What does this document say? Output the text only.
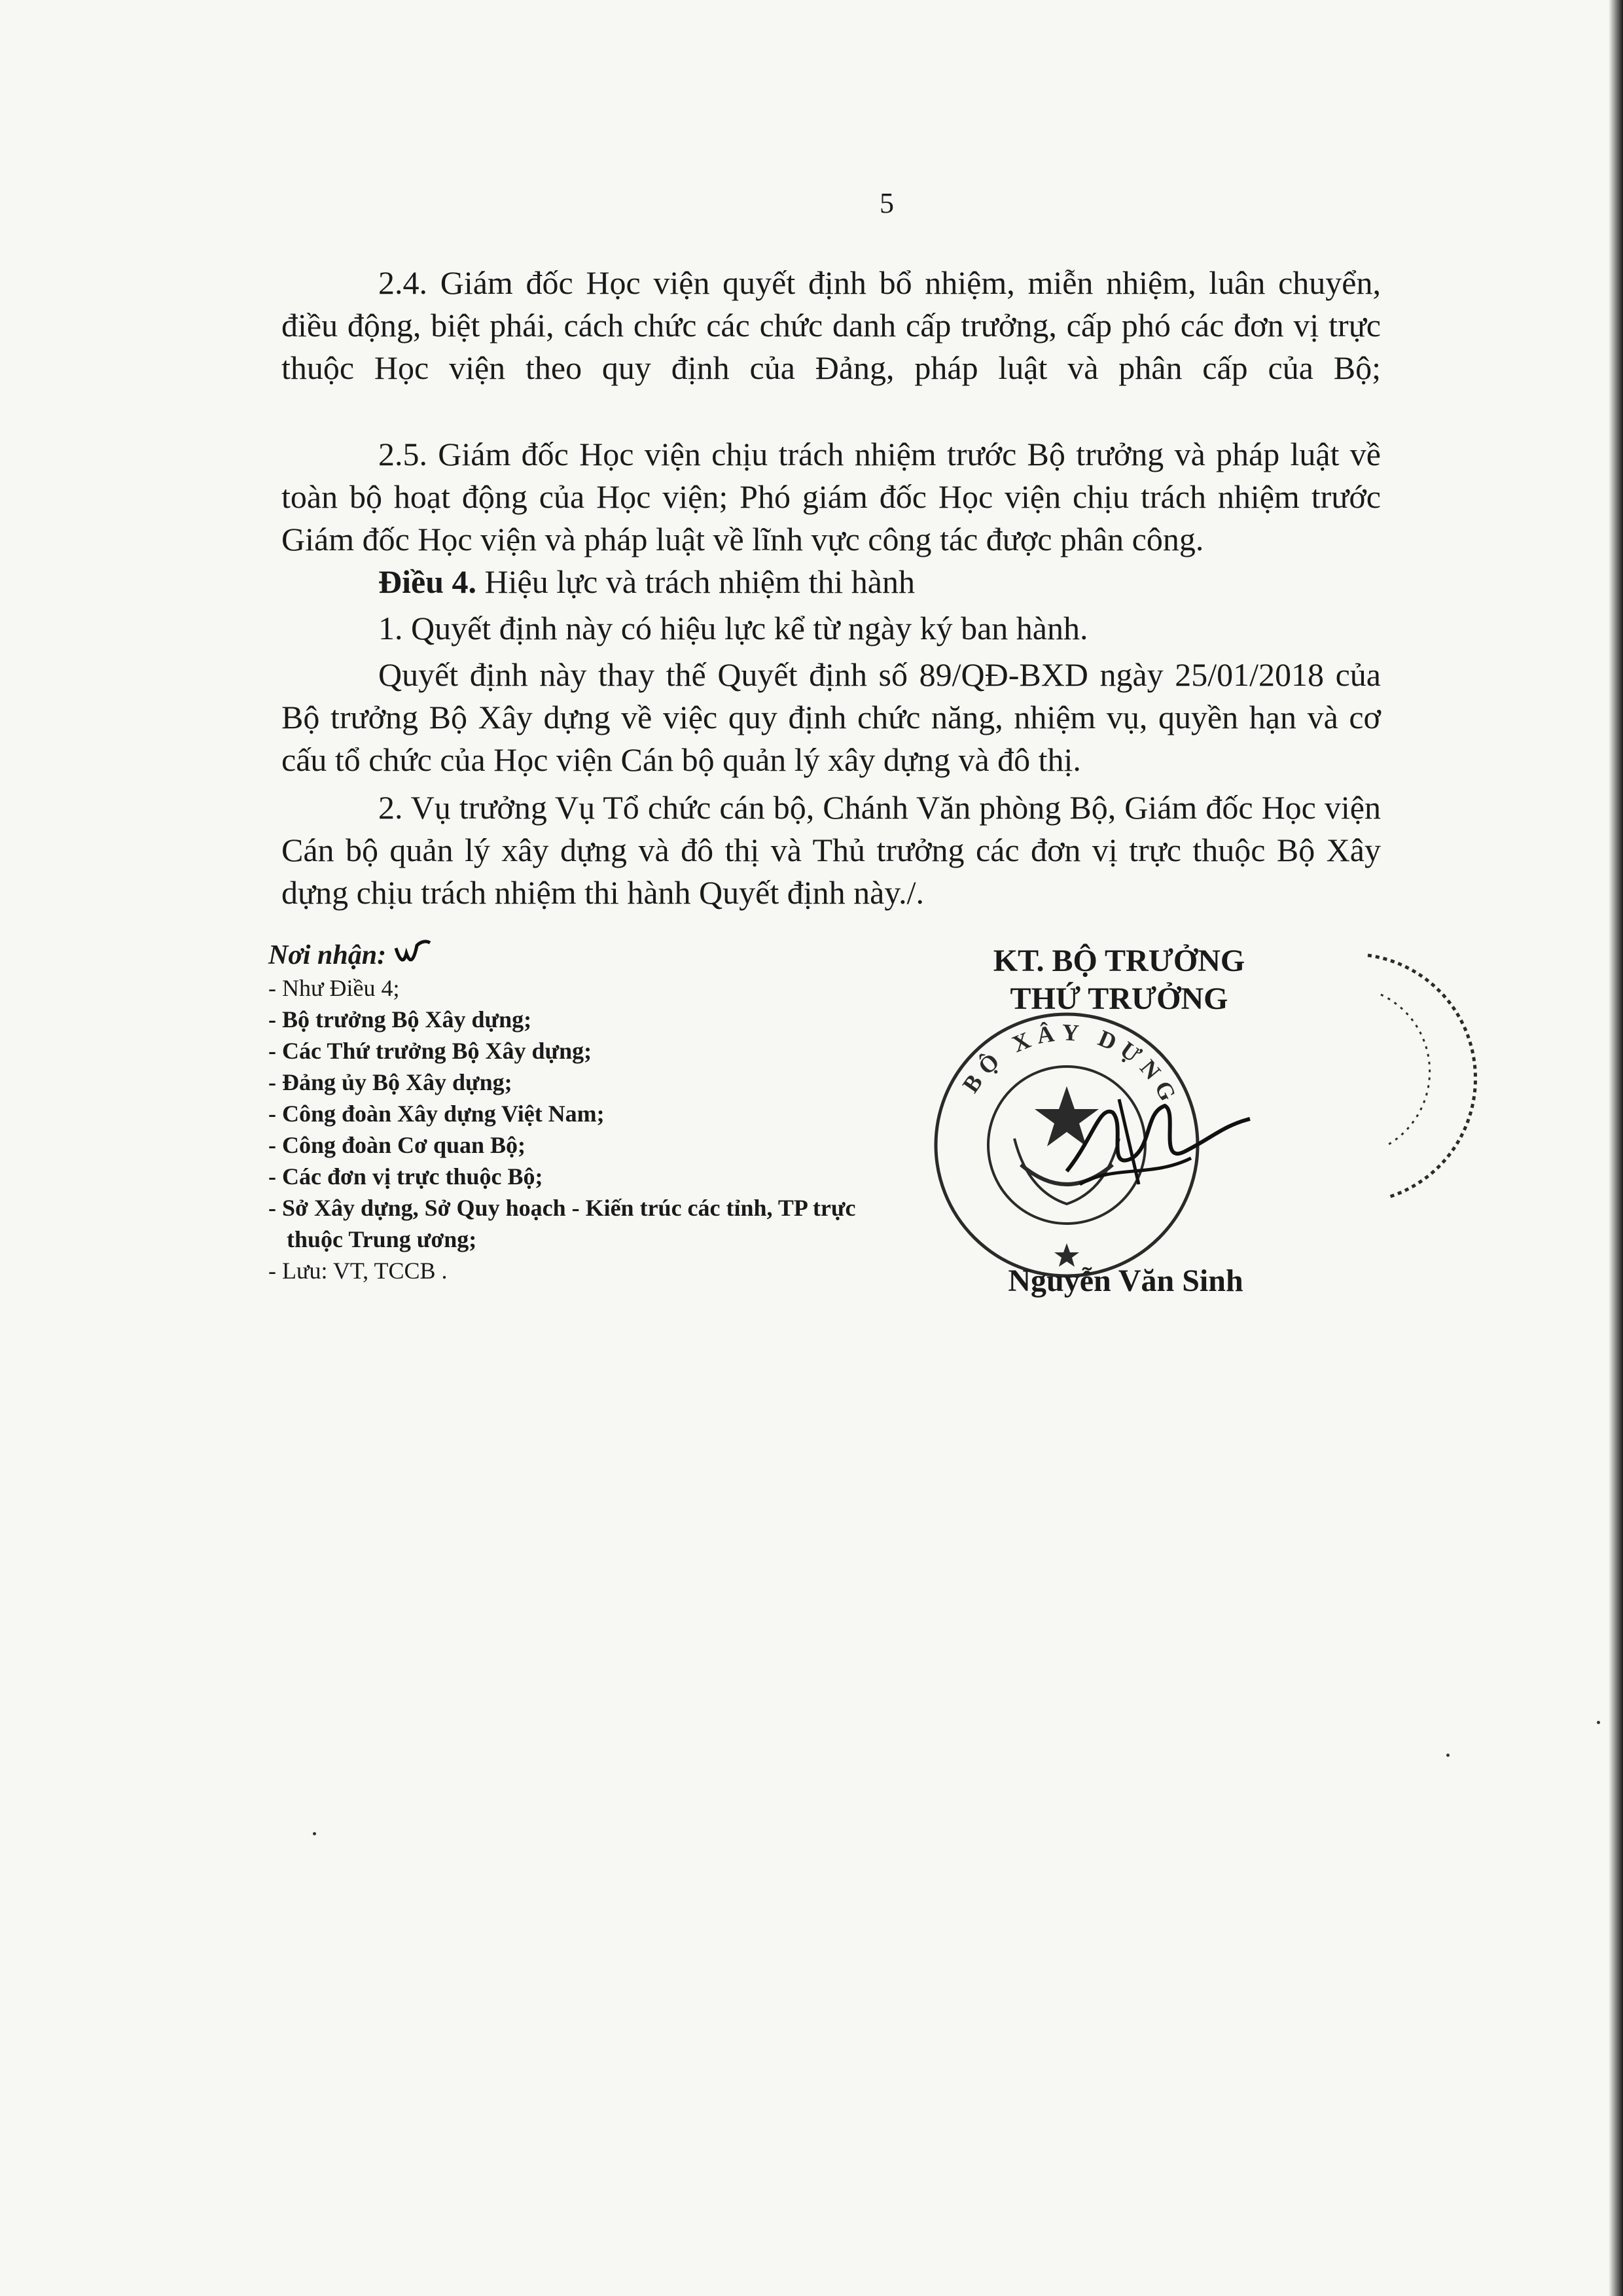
5

2.4. Giám đốc Học viện quyết định bổ nhiệm, miễn nhiệm, luân chuyển, điều động, biệt phái, cách chức các chức danh cấp trưởng, cấp phó các đơn vị trực thuộc Học viện theo quy định của Đảng, pháp luật và phân cấp của Bộ;

2.5. Giám đốc Học viện chịu trách nhiệm trước Bộ trưởng và pháp luật về toàn bộ hoạt động của Học viện; Phó giám đốc Học viện chịu trách nhiệm trước Giám đốc Học viện và pháp luật về lĩnh vực công tác được phân công.

Điều 4. Hiệu lực và trách nhiệm thi hành

1. Quyết định này có hiệu lực kể từ ngày ký ban hành.

Quyết định này thay thế Quyết định số 89/QĐ-BXD ngày 25/01/2018 của Bộ trưởng Bộ Xây dựng về việc quy định chức năng, nhiệm vụ, quyền hạn và cơ cấu tổ chức của Học viện Cán bộ quản lý xây dựng và đô thị.

2. Vụ trưởng Vụ Tổ chức cán bộ, Chánh Văn phòng Bộ, Giám đốc Học viện Cán bộ quản lý xây dựng và đô thị và Thủ trưởng các đơn vị trực thuộc Bộ Xây dựng chịu trách nhiệm thi hành Quyết định này./.

Nơi nhận:
- Như Điều 4;
- Bộ trưởng Bộ Xây dựng;
- Các Thứ trưởng Bộ Xây dựng;
- Đảng ủy Bộ Xây dựng;
- Công đoàn Xây dựng Việt Nam;
- Công đoàn Cơ quan Bộ;
- Các đơn vị trực thuộc Bộ;
- Sở Xây dựng, Sở Quy hoạch - Kiến trúc các tỉnh, TP trực thuộc Trung ương;
- Lưu: VT, TCCB .
KT. BỘ TRƯỞNG
THỨ TRƯỞNG
BỘ XÂY DỰNG
Nguyễn Văn Sinh
